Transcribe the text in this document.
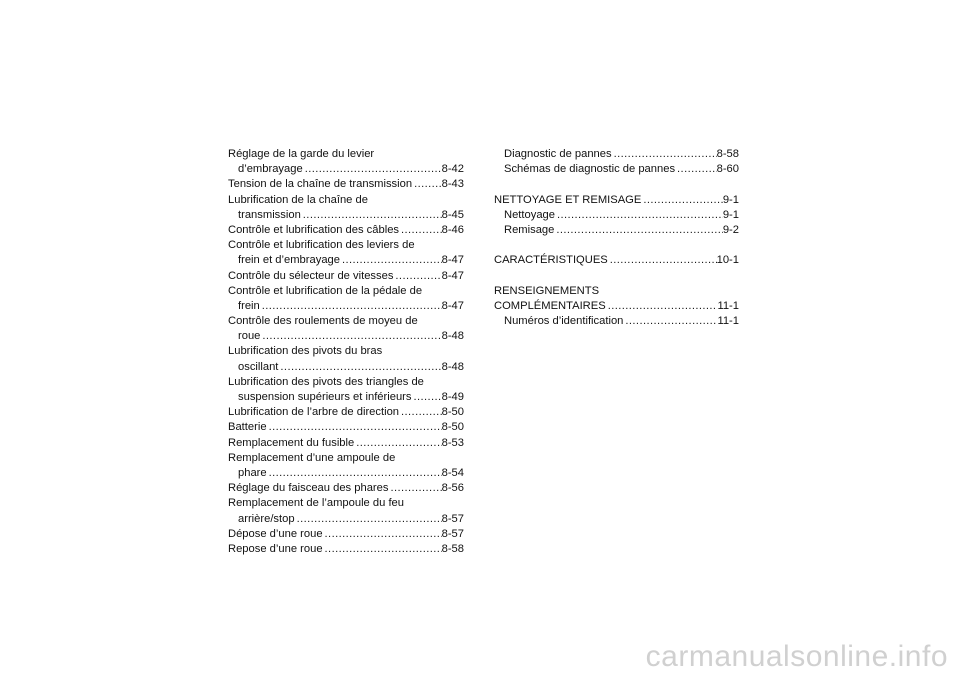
Réglage de la garde du levier
d’embrayage .....	8-42
Tension de la chaîne de transmission .....	8-43
Lubrification de la chaîne de
transmission .....	8-45
Contrôle et lubrification des câbles .....	8-46
Contrôle et lubrification des leviers de
frein et d’embrayage .....	8-47
Contrôle du sélecteur de vitesses .....	8-47
Contrôle et lubrification de la pédale de
frein .....	8-47
Contrôle des roulements de moyeu de
roue .....	8-48
Lubrification des pivots du bras
oscillant .....	8-48
Lubrification des pivots des triangles de
suspension supérieurs et inférieurs .....	8-49
Lubrification de l’arbre de direction .....	8-50
Batterie .....	8-50
Remplacement du fusible .....	8-53
Remplacement d’une ampoule de
phare .....	8-54
Réglage du faisceau des phares .....	8-56
Remplacement de l’ampoule du feu
arrière/stop .....	8-57
Dépose d’une roue .....	8-57
Repose d’une roue .....	8-58
Diagnostic de pannes .....	8-58
Schémas de diagnostic de pannes .....	8-60
NETTOYAGE ET REMISAGE .....	9-1
Nettoyage .....	9-1
Remisage .....	9-2
CARACTÉRISTIQUES .....	10-1
RENSEIGNEMENTS
COMPLÉMENTAIRES .....	11-1
Numéros d’identification .....	11-1
carmanualsonline.info
